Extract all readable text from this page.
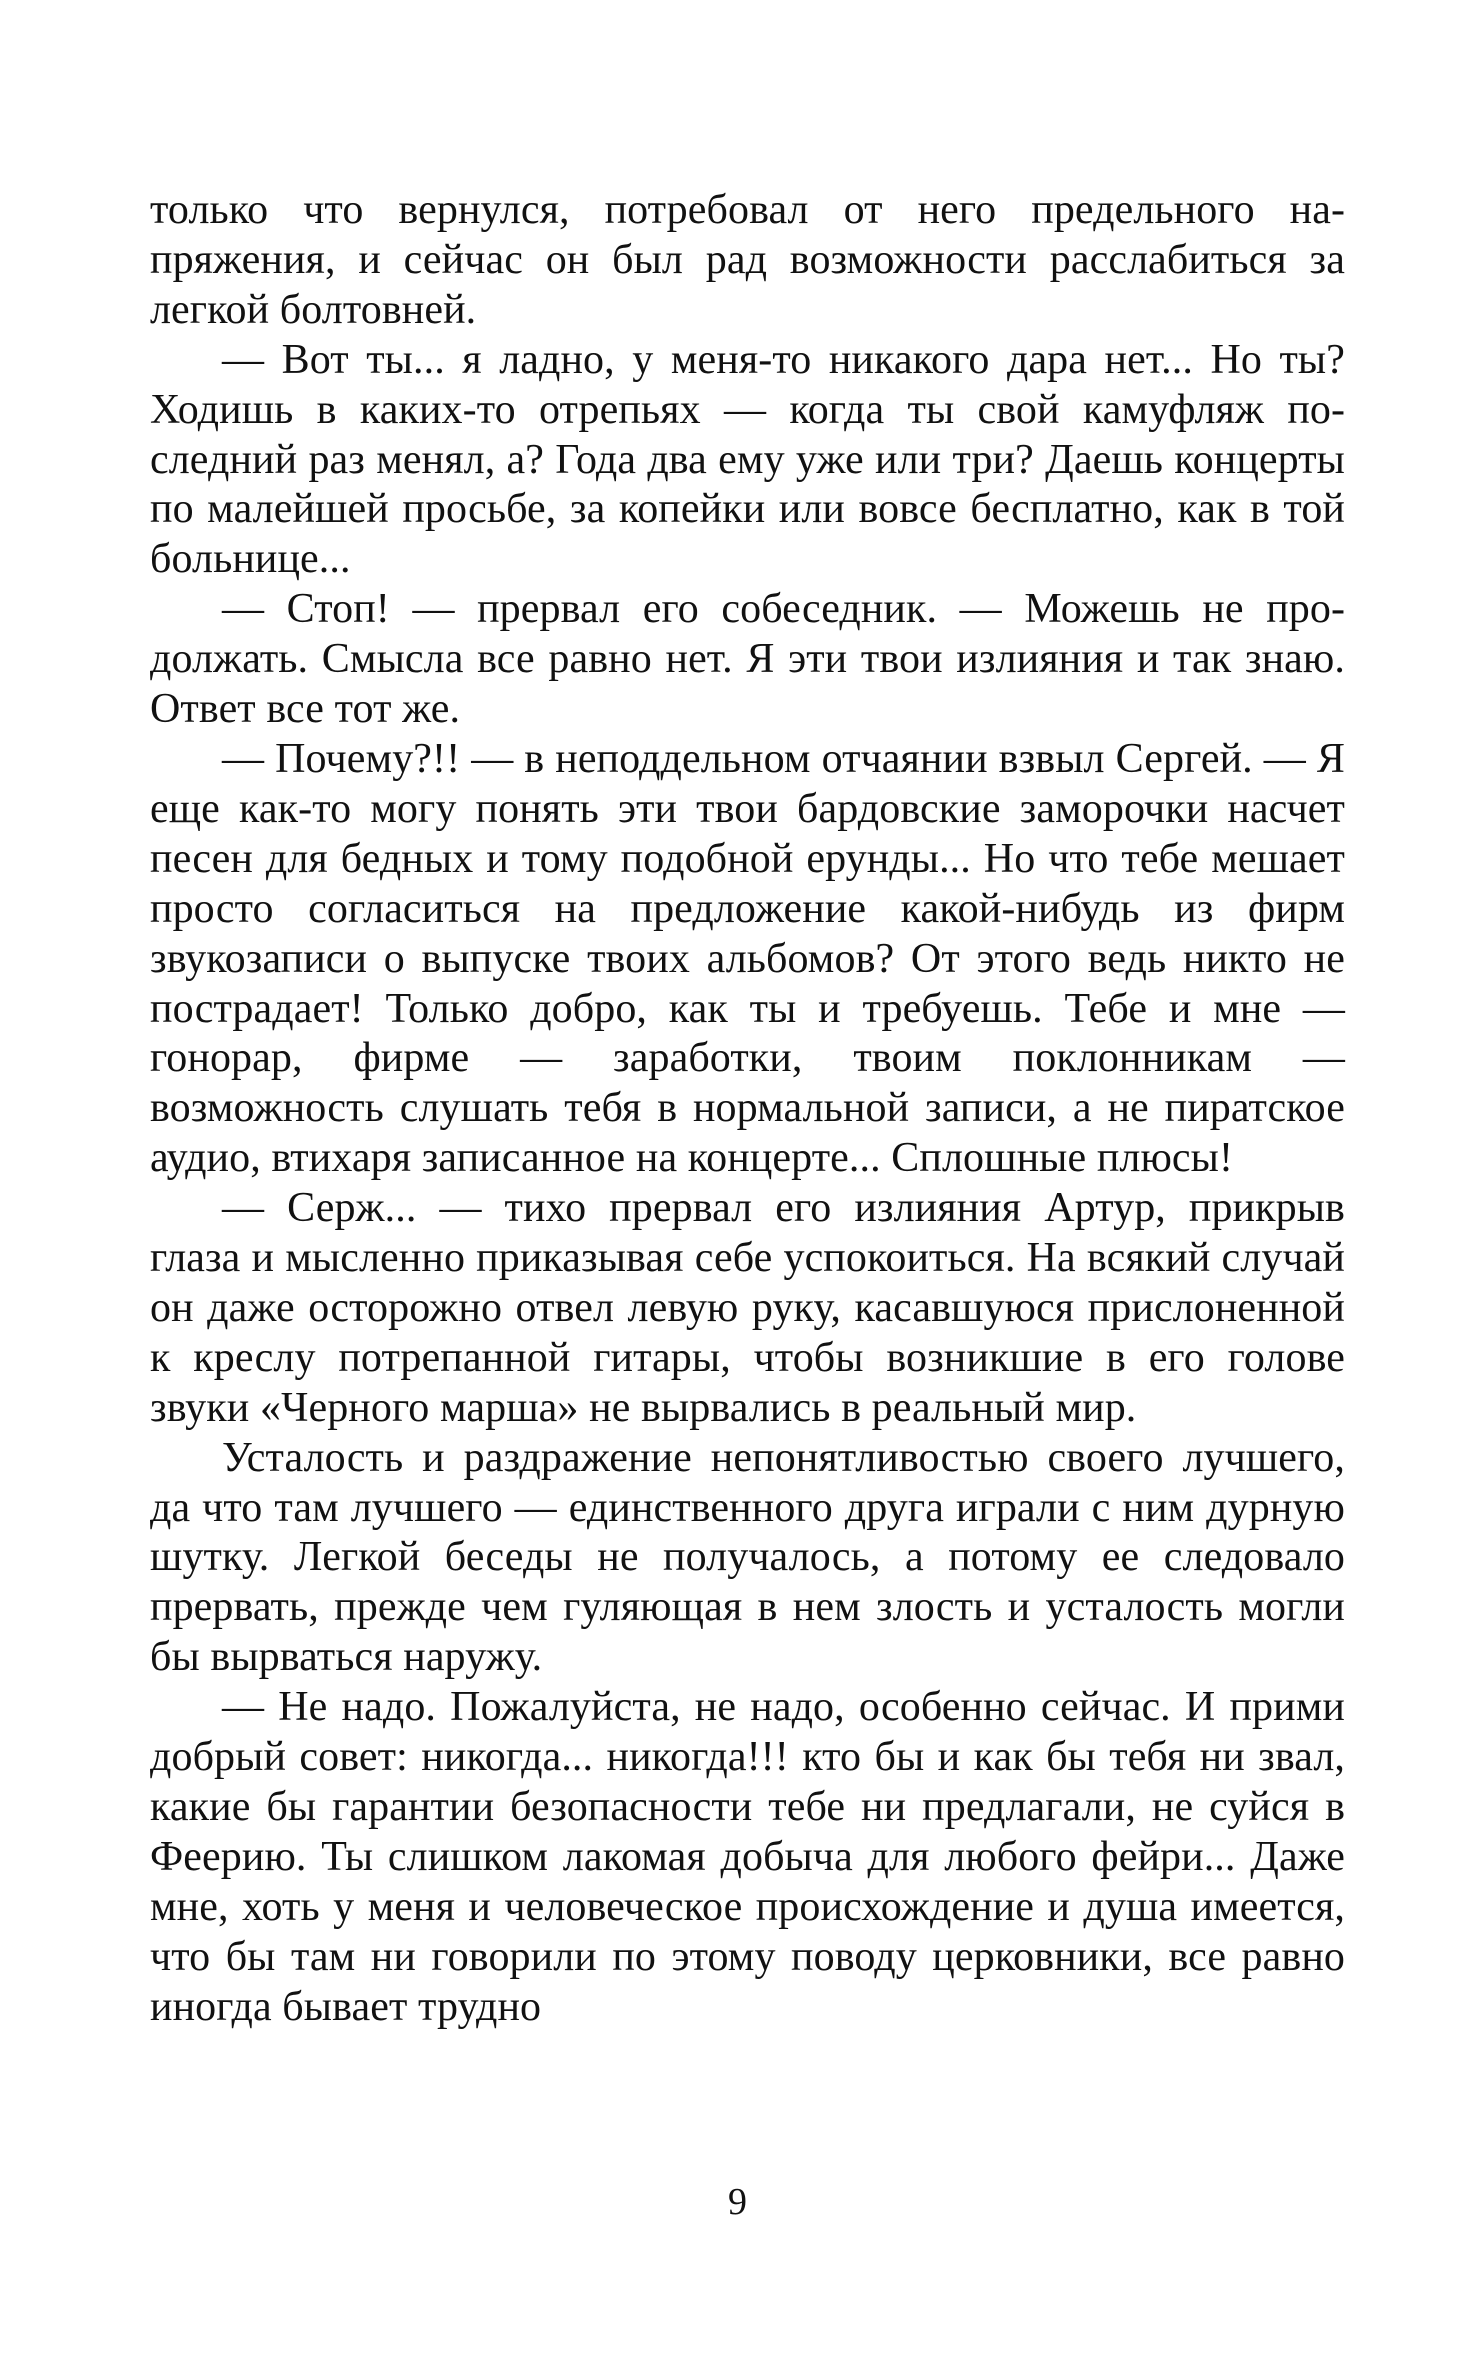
только что вернулся, потребовал от него предельного напряжения, и сейчас он был рад возможности расслабиться за легкой болтовней.

— Вот ты... я ладно, у меня-то никакого дара нет... Но ты? Ходишь в каких-то отрепьях — когда ты свой камуфляж последний раз менял, а? Года два ему уже или три? Даешь концерты по малейшей просьбе, за копейки или вовсе бесплатно, как в той больнице...

— Стоп! — прервал его собеседник. — Можешь не продолжать. Смысла все равно нет. Я эти твои излияния и так знаю. Ответ все тот же.

— Почему?!! — в неподдельном отчаянии взвыл Сергей. — Я еще как-то могу понять эти твои бардовские заморочки насчет песен для бедных и тому подобной ерунды... Но что тебе мешает просто согласиться на предложение какой-нибудь из фирм звукозаписи о выпуске твоих альбомов? От этого ведь никто не пострадает! Только добро, как ты и требуешь. Тебе и мне — гонорар, фирме — заработки, твоим поклонникам — возможность слушать тебя в нормальной записи, а не пиратское аудио, втихаря записанное на концерте... Сплошные плюсы!

— Серж... — тихо прервал его излияния Артур, прикрыв глаза и мысленно приказывая себе успокоиться. На всякий случай он даже осторожно отвел левую руку, касавшуюся прислоненной к креслу потрепанной гитары, чтобы возникшие в его голове звуки «Черного марша» не вырвались в реальный мир.

Усталость и раздражение непонятливостью своего лучшего, да что там лучшего — единственного друга играли с ним дурную шутку. Легкой беседы не получалось, а потому ее следовало прервать, прежде чем гуляющая в нем злость и усталость могли бы вырваться наружу.

— Не надо. Пожалуйста, не надо, особенно сейчас. И прими добрый совет: никогда... никогда!!! кто бы и как бы тебя ни звал, какие бы гарантии безопасности тебе ни предлагали, не суйся в Феерию. Ты слишком лакомая добыча для любого фейри... Даже мне, хоть у меня и человеческое происхождение и душа имеется, что бы там ни говорили по этому поводу церковники, все равно иногда бывает трудно

9
